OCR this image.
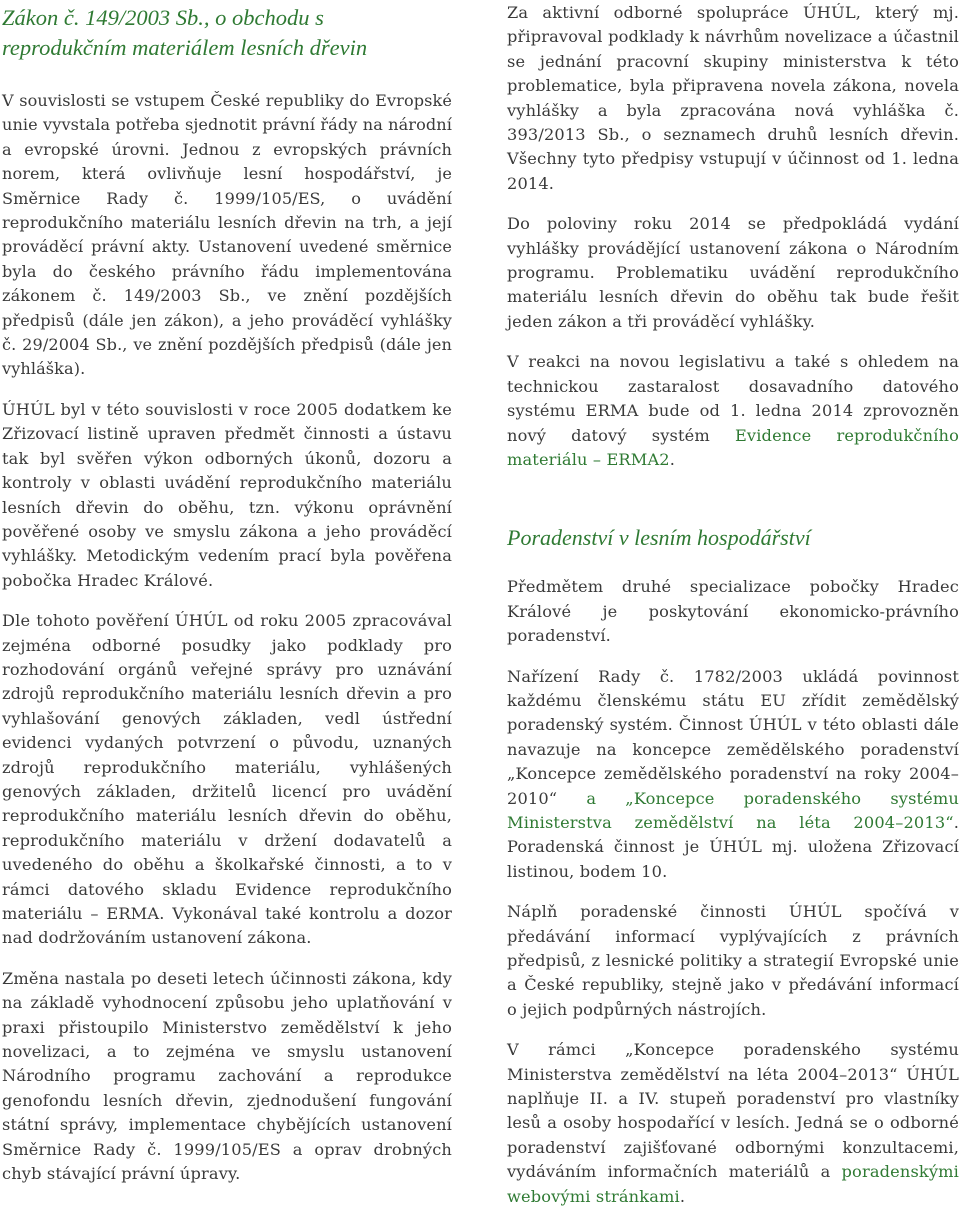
Zákon č. 149/2003 Sb., o obchodu s reprodukčním materiálem lesních dřevin

V souvislosti se vstupem České republiky do Evropské unie vyvstala potřeba sjednotit právní řády na národní a evropské úrovni. Jednou z evropských právních norem, která ovlivňuje lesní hospodářství, je Směrnice Rady č. 1999/105/ES, o uvádění reprodukčního materiálu lesních dřevin na trh, a její prováděcí právní akty. Ustanovení uvedené směrnice byla do českého právního řádu implementována zákonem č. 149/2003 Sb., ve znění pozdějších předpisů (dále jen zákon), a jeho prováděcí vyhlášky č. 29/2004 Sb., ve znění pozdějších předpisů (dále jen vyhláška).

ÚHÚL byl v této souvislosti v roce 2005 dodatkem ke Zřizovací listině upraven předmět činnosti a ústavu tak byl svěřen výkon odborných úkonů, dozoru a kontroly v oblasti uvádění reprodukčního materiálu lesních dřevin do oběhu, tzn. výkonu oprávnění pověřené osoby ve smyslu zákona a jeho prováděcí vyhlášky. Metodickým vedením prací byla pověřena pobočka Hradec Králové.

Dle tohoto pověření ÚHÚL od roku 2005 zpracovával zejména odborné posudky jako podklady pro rozhodování orgánů veřejné správy pro uznávání zdrojů reprodukčního materiálu lesních dřevin a pro vyhlašování genových základen, vedl ústřední evidenci vydaných potvrzení o původu, uznaných zdrojů reprodukčního materiálu, vyhlášených genových základen, držitelů licencí pro uvádění reprodukčního materiálu lesních dřevin do oběhu, reprodukčního materiálu v držení dodavatelů a uvedeného do oběhu a školkařské činnosti, a to v rámci datového skladu Evidence reprodukčního materiálu – ERMA. Vykonával také kontrolu a dozor nad dodržováním ustanovení zákona.

Změna nastala po deseti letech účinnosti zákona, kdy na základě vyhodnocení způsobu jeho uplatňování v praxi přistoupilo Ministerstvo zemědělství k jeho novelizaci, a to zejména ve smyslu ustanovení Národního programu zachování a reprodukce genofondu lesních dřevin, zjednodušení fungování státní správy, implementace chybějících ustanovení Směrnice Rady č. 1999/105/ES a oprav drobných chyb stávající právní úpravy.

Za aktivní odborné spolupráce ÚHÚL, který mj. připravoval podklady k návrhům novelizace a účastnil se jednání pracovní skupiny ministerstva k této problematice, byla připravena novela zákona, novela vyhlášky a byla zpracována nová vyhláška č. 393/2013 Sb., o seznamech druhů lesních dřevin. Všechny tyto předpisy vstupují v účinnost od 1. ledna 2014.

Do poloviny roku 2014 se předpokládá vydání vyhlášky provádějící ustanovení zákona o Národním programu. Problematiku uvádění reprodukčního materiálu lesních dřevin do oběhu tak bude řešit jeden zákon a tři prováděcí vyhlášky.

V reakci na novou legislativu a také s ohledem na technickou zastaralost dosavadního datového systému ERMA bude od 1. ledna 2014 zprovozněn nový datový systém Evidence reprodukčního materiálu – ERMA2.

Poradenství v lesním hospodářství

Předmětem druhé specializace pobočky Hradec Králové je poskytování ekonomicko-právního poradenství.

Nařízení Rady č. 1782/2003 ukládá povinnost každému členskému státu EU zřídit zemědělský poradenský systém. Činnost ÚHÚL v této oblasti dále navazuje na koncepce zemědělského poradenství „Koncepce zemědělského poradenství na roky 2004–2010“ a „Koncepce poradenského systému Ministerstva zemědělství na léta 2004–2013“. Poradenská činnost je ÚHÚL mj. uložena Zřizovací listinou, bodem 10.

Náplň poradenské činnosti ÚHÚL spočívá v předávání informací vyplývajících z právních předpisů, z lesnické politiky a strategií Evropské unie a České republiky, stejně jako v předávání informací o jejich podpůrných nástrojích.

V rámci „Koncepce poradenského systému Ministerstva zemědělství na léta 2004–2013“ ÚHÚL naplňuje II. a IV. stupeň poradenství pro vlastníky lesů a osoby hospodařící v lesích. Jedná se o odborné poradenství zajišťované odbornými konzultacemi, vydáváním informačních materiálů a poradenskými webovými stránkami.
